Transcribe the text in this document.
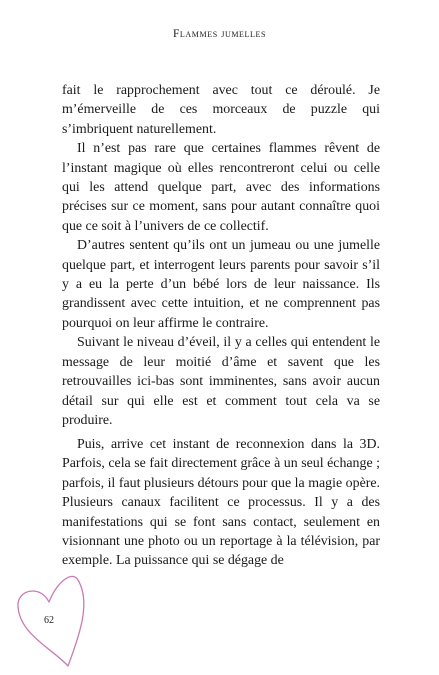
Flammes jumelles

fait le rapprochement avec tout ce déroulé. Je m’émerveille de ces morceaux de puzzle qui s’imbriquent naturellement.

Il n’est pas rare que certaines flammes rêvent de l’instant magique où elles rencontreront celui ou celle qui les attend quelque part, avec des informations précises sur ce moment, sans pour autant connaître quoi que ce soit à l’univers de ce collectif.

D’autres sentent qu’ils ont un jumeau ou une jumelle quelque part, et interrogent leurs parents pour savoir s’il y a eu la perte d’un bébé lors de leur naissance. Ils grandissent avec cette intuition, et ne comprennent pas pourquoi on leur affirme le contraire.

Suivant le niveau d’éveil, il y a celles qui entendent le message de leur moitié d’âme et savent que les retrouvailles ici-bas sont imminentes, sans avoir aucun détail sur qui elle est et comment tout cela va se produire.

Puis, arrive cet instant de reconnexion dans la 3D. Parfois, cela se fait directement grâce à un seul échange ; parfois, il faut plusieurs détours pour que la magie opère. Plusieurs canaux facilitent ce processus. Il y a des manifestations qui se font sans contact, seulement en visionnant une photo ou un reportage à la télévision, par exemple. La puissance qui se dégage de

62
